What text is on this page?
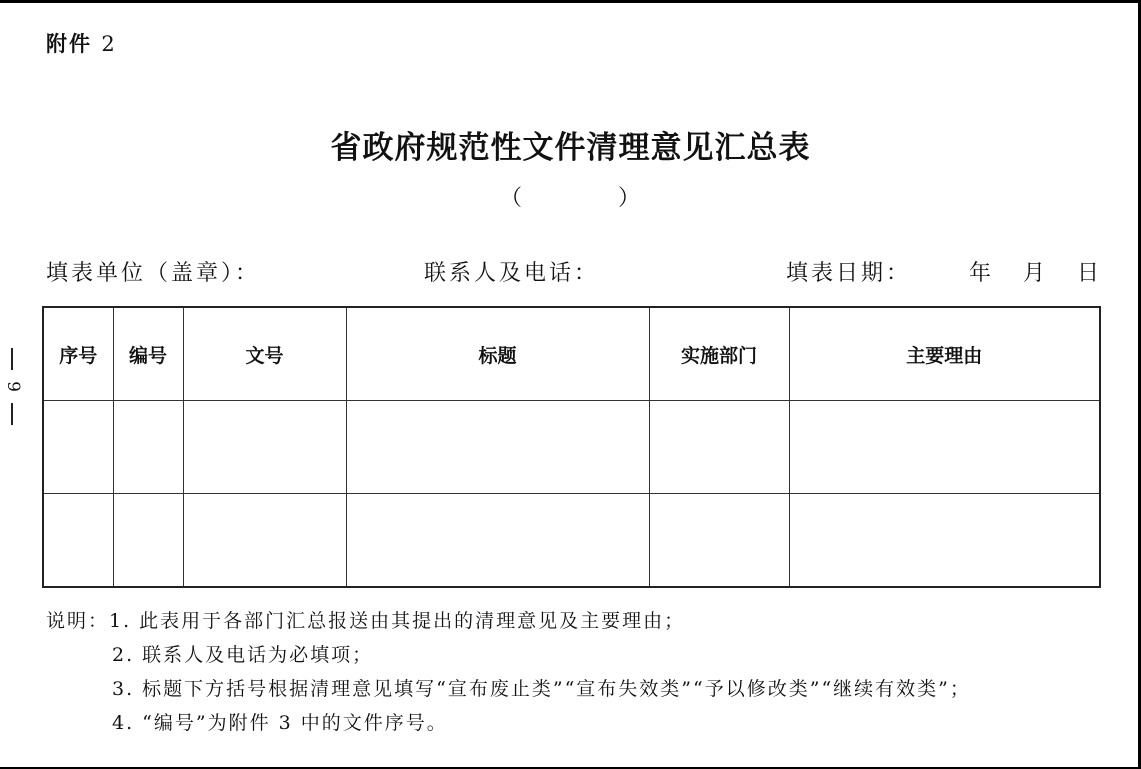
附件 2
省政府规范性文件清理意见汇总表
（	）
填表单位（盖章）：	联系人及电话：	填表日期：	年 月 日
9
序号	编号	文号	标题	实施部门	主要理由

说明：1. 此表用于各部门汇总报送由其提出的清理意见及主要理由；
2. 联系人及电话为必填项；
3. 标题下方括号根据清理意见填写“宣布废止类”“宣布失效类”“予以修改类”“继续有效类”；
4. “编号”为附件 3 中的文件序号。
